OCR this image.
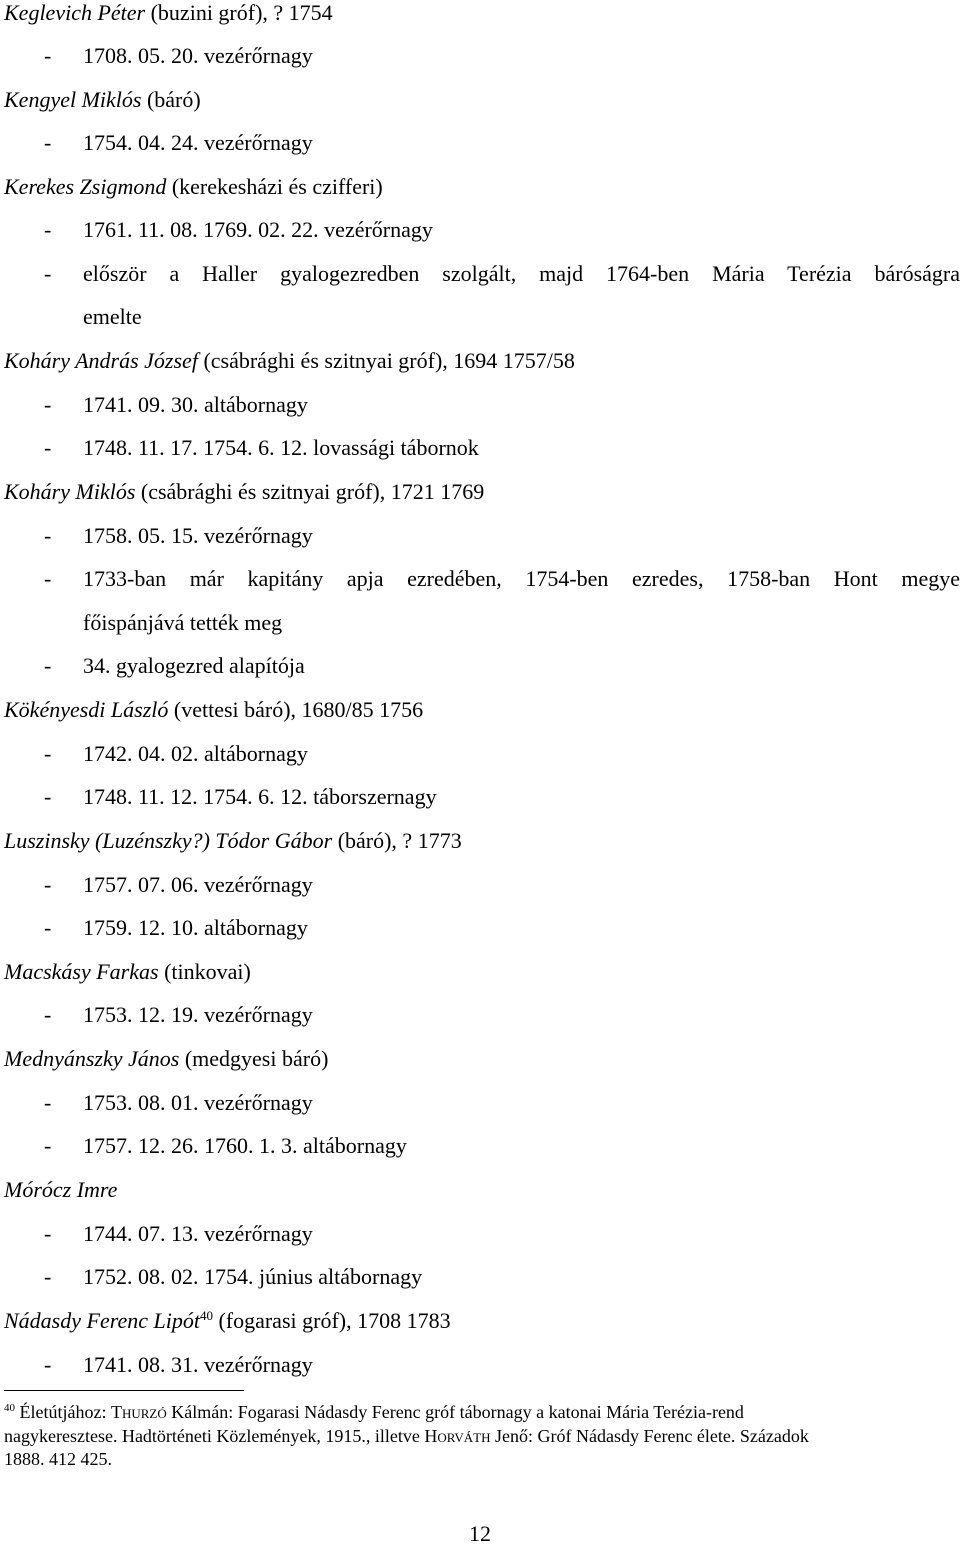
Keglevich Péter (buzini gróf), ? 1754
- 1708. 05. 20. vezérőrnagy
Kengyel Miklós (báró)
- 1754. 04. 24. vezérőrnagy
Kerekes Zsigmond (kerekesházi és czifferi)
- 1761. 11. 08. 1769. 02. 22. vezérőrnagy
- először a Haller gyalogezredben szolgált, majd 1764-ben Mária Terézia báróságra
emelte
Koháry András József (csábrághi és szitnyai gróf), 1694 1757/58
- 1741. 09. 30. altábornagy
- 1748. 11. 17. 1754. 6. 12. lovassági tábornok
Koháry Miklós (csábrághi és szitnyai gróf), 1721 1769
- 1758. 05. 15. vezérőrnagy
- 1733-ban már kapitány apja ezredében, 1754-ben ezredes, 1758-ban Hont megye
főispánjává tették meg
- 34. gyalogezred alapítója
Kökényesdi László (vettesi báró), 1680/85 1756
- 1742. 04. 02. altábornagy
- 1748. 11. 12. 1754. 6. 12. táborszernagy
Luszinsky (Luzénszky?) Tódor Gábor (báró), ? 1773
- 1757. 07. 06. vezérőrnagy
- 1759. 12. 10. altábornagy
Macskásy Farkas (tinkovai)
- 1753. 12. 19. vezérőrnagy
Mednyánszky János (medgyesi báró)
- 1753. 08. 01. vezérőrnagy
- 1757. 12. 26. 1760. 1. 3. altábornagy
Mórócz Imre
- 1744. 07. 13. vezérőrnagy
- 1752. 08. 02. 1754. június altábornagy
Nádasdy Ferenc Lipót$^{40}$ (fogarasi gróf), 1708 1783
- 1741. 08. 31. vezérőrnagy
$^{40}$ Életútjához: Thurzó Kálmán: Fogarasi Nádasdy Ferenc gróf tábornagy a katonai Mária Terézia-rend
nagykeresztese. Hadtörténeti Közlemények, 1915., illetve Horváth Jenő: Gróf Nádasdy Ferenc élete. Századok
1888. 412 425.
12
